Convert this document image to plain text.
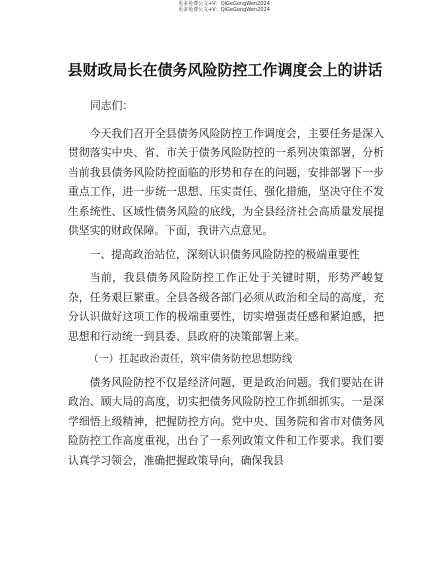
更多免费公文+V：QiGeGongWen2024
更多免费公文+V：QiGeGongWen2024
县财政局长在债务风险防控工作调度会上的讲话

同志们：

今天我们召开全县债务风险防控工作调度会，主要任务是深入贯彻落实中央、省、市关于债务风险防控的一系列决策部署，分析当前我县债务风险防控面临的形势和存在的问题，安排部署下一步重点工作，进一步统一思想、压实责任、强化措施，坚决守住不发生系统性、区域性债务风险的底线，为全县经济社会高质量发展提供坚实的财政保障。下面，我讲六点意见。

一、提高政治站位，深刻认识债务风险防控的极端重要性

当前，我县债务风险防控工作正处于关键时期，形势严峻复杂，任务艰巨繁重。全县各级各部门必须从政治和全局的高度，充分认识做好这项工作的极端重要性，切实增强责任感和紧迫感，把思想和行动统一到县委、县政府的决策部署上来。

（一）扛起政治责任，筑牢债务防控思想防线

债务风险防控不仅是经济问题，更是政治问题。我们要站在讲政治、顾大局的高度，切实把债务风险防控工作抓细抓实。一是深学细悟上级精神，把握防控方向。党中央、国务院和省市对债务风险防控工作高度重视，出台了一系列政策文件和工作要求。我们要认真学习领会，准确把握政策导向，确保我县
